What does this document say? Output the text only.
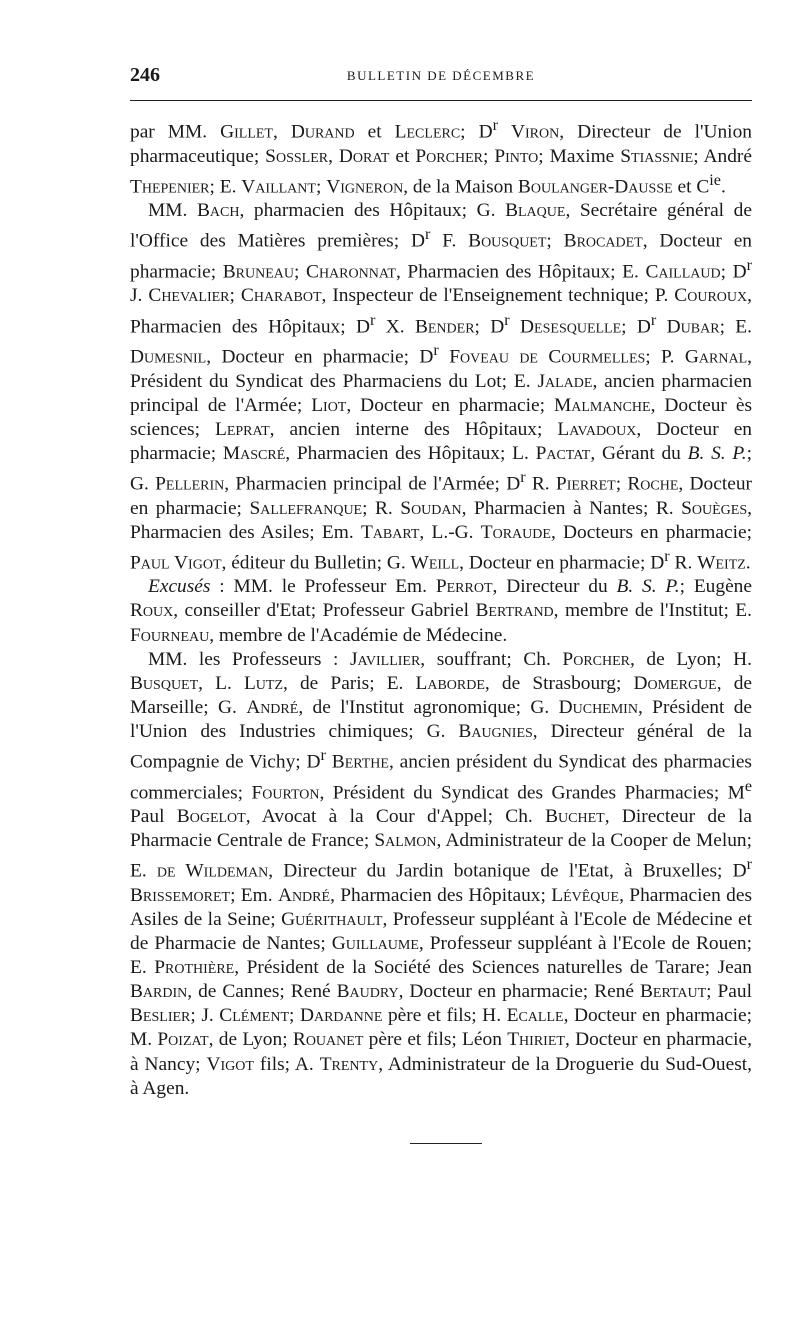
246	BULLETIN DE DÉCEMBRE

par MM. Gillet, Durand et Leclerc; $D^r$ Viron, Directeur de l'Union pharmaceutique; Sossler, Dorat et Porcher; Pinto; Maxime Stiassnie; André Thepenier; E. Vaillant; Vigneron, de la Maison Boulanger-Dausse et $C^{ie}$.

MM. Bach, pharmacien des Hôpitaux; G. Blaque, Secrétaire général de l'Office des Matières premières; $D^r$ F. Bousquet; Brocadet, Docteur en pharmacie; Bruneau; Charonnat, Pharmacien des Hôpitaux; E. Caillaud; $D^r$ J. Chevalier; Charabot, Inspecteur de l'Enseignement technique; P. Couroux, Pharmacien des Hôpitaux; $D^r$ X. Bender; $D^r$ Desesquelle; $D^r$ Dubar; E. Dumesnil, Docteur en pharmacie; $D^r$ Foveau de Courmelles; P. Garnal, Président du Syndicat des Pharmaciens du Lot; E. Jalade, ancien pharmacien principal de l'Armée; Liot, Docteur en pharmacie; Malmanche, Docteur ès sciences; Leprat, ancien interne des Hôpitaux; Lavadoux, Docteur en pharmacie; Mascré, Pharmacien des Hôpitaux; L. Pactat, Gérant du B. S. P.; G. Pellerin, Pharmacien principal de l'Armée; $D^r$ R. Pierret; Roche, Docteur en pharmacie; Sallefranque; R. Soudan, Pharmacien à Nantes; R. Souèges, Pharmacien des Asiles; Em. Tabart, L.-G. Toraude, Docteurs en pharmacie; Paul Vigot, éditeur du Bulletin; G. Weill, Docteur en pharmacie; $D^r$ R. Weitz.

Excusés : MM. le Professeur Em. Perrot, Directeur du B. S. P.; Eugène Roux, conseiller d'Etat; Professeur Gabriel Bertrand, membre de l'Institut; E. Fourneau, membre de l'Académie de Médecine.

MM. les Professeurs : Javillier, souffrant; Ch. Porcher, de Lyon; H. Busquet, L. Lutz, de Paris; E. Laborde, de Strasbourg; Domergue, de Marseille; G. André, de l'Institut agronomique; G. Duchemin, Président de l'Union des Industries chimiques; G. Baugnies, Directeur général de la Compagnie de Vichy; $D^r$ Berthe, ancien président du Syndicat des pharmacies commerciales; Fourton, Président du Syndicat des Grandes Pharmacies; Me Paul Bogelot, Avocat à la Cour d'Appel; Ch. Buchet, Directeur de la Pharmacie Centrale de France; Salmon, Administrateur de la Cooper de Melun; E. de Wildeman, Directeur du Jardin botanique de l'Etat, à Bruxelles; $D^r$ Brissemoret; Em. André, Pharmacien des Hôpitaux; Lévêque, Pharmacien des Asiles de la Seine; Guérithault, Professeur suppléant à l'Ecole de Médecine et de Pharmacie de Nantes; Guillaume, Professeur suppléant à l'Ecole de Rouen; E. Prothière, Président de la Société des Sciences naturelles de Tarare; Jean Bardin, de Cannes; René Baudry, Docteur en pharmacie; René Bertaut; Paul Beslier; J. Clément; Dardanne père et fils; H. Ecalle, Docteur en pharmacie; M. Poizat, de Lyon; Rouanet père et fils; Léon Thiriet, Docteur en pharmacie, à Nancy; Vigot fils; A. Trenty, Administrateur de la Droguerie du Sud-Ouest, à Agen.
